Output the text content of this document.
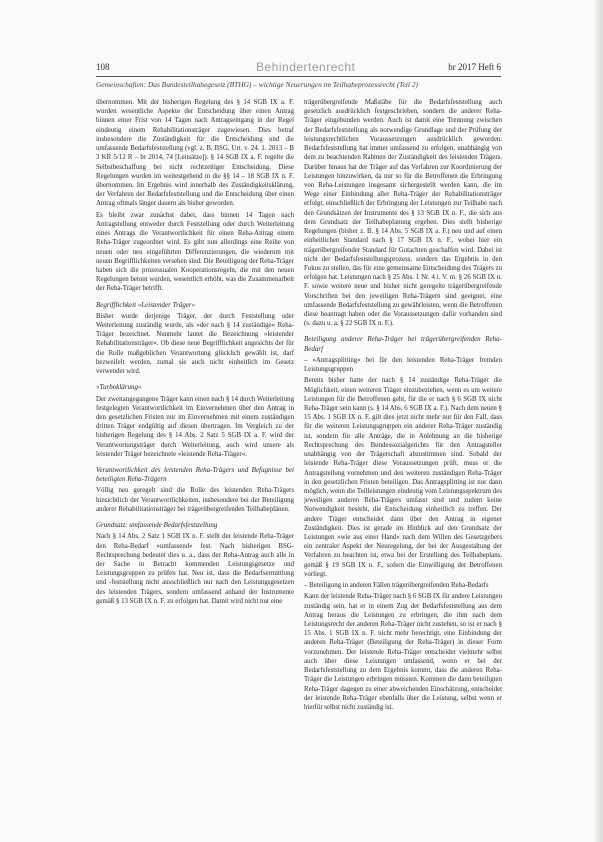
108	Behindertenrecht	br 2017 Heft 6
Gemeinschaften: Das Bundesteilhabegesetz (BTHG) – wichtige Neuerungen im Teilhabeprozessrecht (Teil 2)

übernommen. Mit der bisherigen Regelung des § 14 SGB IX a. F. wurden wesentliche Aspekte der Entscheidung über einen Antrag binnen einer Frist von 14 Tagen nach Antragseingang in der Regel eindeutig einem Rehabilitationsträger zugewiesen. Dies betraf insbesondere die Zuständigkeit für die Entscheidung und die umfassende Bedarfsfeststellung (vgl. z. B. BSG, Urt. v. 24. 1. 2013 – B 3 KR 5/12 R – br 2014, 74 [Leitsätze]). § 14 SGB IX a. F. regelte die Selbstbeschaffung bei nicht rechtzeitiger Entscheidung. Diese Regelungen wurden im weitestgehend in die §§ 14 – 18 SGB IX n. F. übernommen. Im Ergebnis wird innerhalb des Zuständigkeitsklärung, der Verfahren der Bedarfsfeststellung und die Entscheidung über einen Antrag oftmals länger dauern als bisher geworden.

Es bleibt zwar zunächst dabei, dass binnen 14 Tagen nach Antragstellung entweder durch Feststellung oder durch Weiterleitung eines Antrags die Verantwortlichkeit für einen Reha-Antrag einem Reha-Träger zugeordnet wird. Es gibt nun allerdings eine Reihe von neuen oder neu eingeführten Differenzierungen, die wiederum mit neuen Begrifflichkeiten versehen sind. Die Beteiligung der Reha-Träger haben sich die prozessualen Kooperationsregeln, die mit den neuen Regelungen betont wurden, wesentlich erhöht, was die Zusammenarbeit der Reha-Träger betrifft.

Begrifflichkeit »Leistender Träger«

Bisher wurde derjenige Träger, der durch Feststellung oder Weiterleitung zuständig wurde, als »der nach § 14 zuständige« Reha-Träger bezeichnet. Nunmehr lautet die Bezeichnung »leistender Rehabilitationsträger«. Ob diese neue Begrifflichkeit angesichts der für die Rolle maßgeblichen Verantwortung glücklich gewählt ist, darf bezweifelt werden, zumal sie auch nicht einheitlich im Gesetz verwendet wird.

»Turboklärung«

Der zweitangegangene Träger kann einen nach § 14 durch Weiterleitung festgelegten Verantwortlichkeit im Einvernehmen über den Antrag in den gesetzlichen Fristen nur im Einvernehmen mit einem zuständigen dritten Träger endgültig auf diesen übertragen. Im Vergleich zu der bisherigen Regelung des § 14 Abs. 2 Satz 5 SGB IX a. F. wird der Verantwortungsträger durch Weiterleitung, auch wird unsere als leistender Träger bezeichnete »leistende Reha-Träger«.

Verantwortlichkeit des leistenden Reha-Trägers und Befugnisse bei beteiligten Reha-Trägern

Völlig neu geregelt sind die Rolle des leistenden Reha-Trägers hinsichtlich der Verantwortlichkeiten, insbesondere bei der Beteiligung anderer Rehabilitationsträger bei trägerübergreifenden Teilhabeplänen.

Grundsatz: umfassende Bedarfsfeststellung

Nach § 14 Abs. 2 Satz 1 SGB IX n. F. stellt der leistende Reha-Träger den Reha-Bedarf »umfassend« fest. Nach bisherigen BSG-Rechtsprechung bedeutet dies u. a., dass der Reha-Antrag auch alle in der Sache in Betracht kommenden Leistungsgesetze und Leistungsgruppen zu prüfen hat. Neu ist, dass die Bedarfsermittlung und -feststellung nicht ausschließlich nur nach den Leistungsgesetzen des leistenden Trägers, sondern umfassend anhand der Instrumente gemäß § 13 SGB IX n. F. zu erfolgen hat. Damit wird nicht nur eine

trägerübergreifende Maßstäbe für die Bedarfsfeststellung auch gesetzlich ausdrücklich festgeschrieben, sondern die anderer Reha-Träger eingebunden werden. Auch ist damit eine Trennung zwischen der Bedarfsfeststellung als notwendige Grundlage und der Prüfung der leistungsrechtlichen Voraussetzungen ausdrücklich geworden. Bedarfsfeststellung hat immer umfassend zu erfolgen, unabhängig von dem zu beachtenden Rahmen der Zuständigkeit des leistenden Trägers. Darüber hinaus hat der Träger auf das Verfahren zur Koordinierung der Leistungen hinzuwirken, da nur so für die Betroffenen die Erbringung von Reha-Leistungen insgesamt sichergestellt werden kann, die im Wege einer Einbindung aller Reha-Träger der Rehabilitationsträger erfolgt, einschließlich der Erbringung der Leistungen zur Teilhabe nach den Grundsätzen der Instrumente des § 13 SGB IX n. F., die sich aus dem Grundsatz der Teilhabeplanung ergeben. Dies stellt bisherige Regelungen (bisher z. B. § 14 Abs. 5 SGB IX a. F.) neu und auf einen einheitlichen Standard nach § 17 SGB IX n. F., wobei hier ein trägerübergreifender Standard für Gutachten geschaffen wird. Dabei ist nicht der Bedarfsfeststellungsprozess, sondern das Ergebnis in den Fokus zu stellen, das für eine gemeinsame Entscheidung des Trägers zu erfolgen hat. Leistungen nach § 25 Abs. 1 Nr. 4 i. V. m. § 26 SGB IX n. F. sowie weitere neue und bisher nicht geregelte trägerübergreifende Vorschriften bei den jeweiligen Reha-Trägern sind geeignet, eine umfassende Bedarfsfeststellung zu gewährleisten, wenn die Betroffenen diese beantragt haben oder die Voraussetzungen dafür vorhanden sind (s. dazu u. a. § 22 SGB IX n. F.).

Beteiligung anderer Reha-Träger bei trägerübergreifenden Reha-Bedarf

– »Antragsplitting« bei für den leistenden Reha-Träger fremden Leistungsgruppen

Bereits bisher hatte der nach § 14 zuständige Reha-Träger die Möglichkeit, einen weiteren Träger einzubeziehen, wenn es um weitere Leistungen für die Betroffenen geht, für die er nach § 6 SGB IX nicht Reha-Träger sein kann (s. § 14 Abs. 6 SGB IX a. F.). Nach dem neuen § 15 Abs. 1 SGB IX n. F. gilt dies jetzt nicht mehr nur für den Fall, dass für die weiteren Leistungsgruppen ein anderer Reha-Träger zuständig ist, sondern für alle Anträge, die in Anlehnung an die bisherige Rechtsprechung des Bundessozialgerichts für den Antragsteller unabhängig von der Trägerschaft abzustimmen sind. Sobald der leistende Reha-Träger diese Voraussetzungen prüft, muss er die Antragsteilung vornehmen und den weiteren zuständigen Reha-Träger in den gesetzlichen Fristen beteiligen. Das Antragsplitting ist nur dann möglich, wenn die Teilleistungen eindeutig vom Leistungsspektrum des jeweiligen anderen Reha-Trägers umfasst sind und zudem keine Notwendigkeit besteht, die Entscheidung einheitlich zu treffen. Der andere Träger entscheidet dann über den Antrag in eigener Zuständigkeit. Dies ist gerade im Hinblick auf den Grundsatz der Leistungen »wie aus einer Hand« nach dem Willen des Gesetzgebers ein zentraler Aspekt der Neuregelung, der bei der Ausgestaltung der Verfahren zu beachten ist, etwa bei der Erstellung des Teilhabeplans, gemäß § 19 SGB IX n. F., sofern die Einwilligung der Betroffenen vorliegt.

– Beteiligung in anderen Fällen trägerübergreifenden Reha-Bedarfs

Kann der leistende Reha-Träger nach § 6 SGB IX für andere Leistungen zuständig sein, hat er in einem Zug der Bedarfsfeststellung aus dem Antrag heraus die Leistungen zu erbringen, die ihm nach dem Leistungsrecht der anderen Reha-Träger nicht zustehen, so ist er nach § 15 Abs. 1 SGB IX n. F. nicht mehr berechtigt, eine Einbindung der anderen Reha-Träger (Beteiligung der Reha-Träger) in dieser Form vorzunehmen. Der leistende Reha-Träger entscheidet vielmehr selbst auch über diese Leistungen umfassend, wenn er bei der Bedarfsfeststellung zu dem Ergebnis kommt, dass die anderen Reha-Träger die Leistungen erbringen müssten. Kommen die dann beteiligten Reha-Träger dagegen zu einer abweichenden Einschätzung, entscheidet der leistende Reha-Träger ebenfalls über die Leistung, selbst wenn er hierfür selbst nicht zuständig ist.
